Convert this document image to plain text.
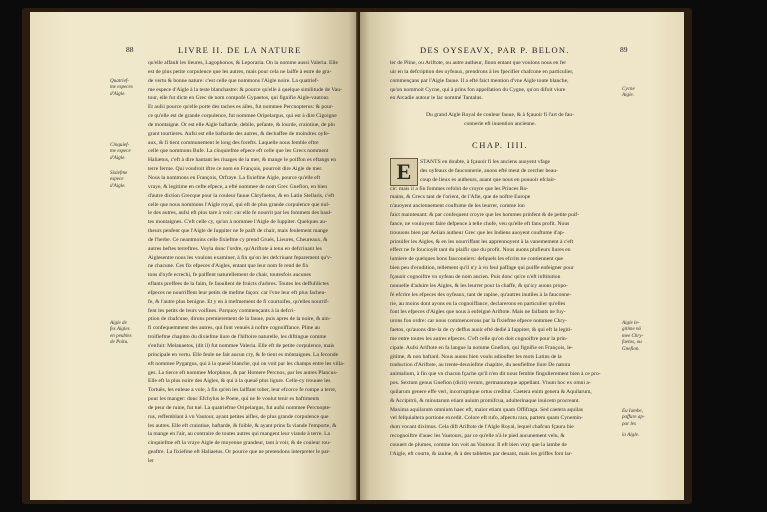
88	LIVRE II. DE LA NATURE
Quatrief-
me especes
d'Aigle.
Cinquief-
me espece
d'Aigle.
Sixiefme
espece
d'Aigle.
Aigle de
fes Aigles
en peubles
de Poitu.
qu'elle affault les lieures, Lagophonos, & Leporaria. On la nomme aussi Valeria. Elle
est de plus petite corpulence que les autres, mais pour cela ne laiffe à estre de gra-
de vertu & bonne nature: c'est celle que nommons l'Aigle noire. La quatrief-
me espece d'Aigle à la teste blanchastre: & pource qu'elle à quelque similitude de Vau-
tour, elle fut dicte en Grec de nom compofé Gypaetos, qui fignifie Aigle-vautour.
Et auſsi pource qu'elle porte des taches es aïles, fut nommee Percnopterus: & pour-
ce qu'elle est de grande corpulence, fut nommee Oripelargus, qui est à dire Cigoigne
de montaigne. Or est elle Aigle baftarde, debile, pefante, & lourde, craintiue, de plu
grant tourtieres. Aufsi est elle baftarde des autres, & dechaffee de moindres oyfe-
aux, & fi tient communement le long des forefts. Laquelle nous femble eftre
celle que nommons Bufe. La cinquiefme efpece eft celle que les Grecs nomment
Haliætus, c'eft à dire hantant les riuages de la mer, & mange le poiffon es eftangs en
terre ferme. Qui voudroit iftre ce nom en François, pourroit dire Aigle de mer.
Nous la nommons en François, Orfraye. La fixiefme Aigle, pource qu'elle eft
vraye, & legitime en cefte efpece, a efté nommee de nom Grec Gnefion, en bien
d'autre diction Grecque pour la couleur fauue Chryfaetos, & en Latin Stellaris, c'eft
celle que nous nommons l'Aigle royal, qui eft de plus grande corpulence que nul-
le des autres, aufsi eft plus tare à voir: car elle fe nourrit par les fommets des haul-
tes montaignes. C'eft celle cy, qu'on à nommee l'Aigle de Iuppiter. Quelques au-
theurs penfent que l'Aigle de Iuppiter ne fe paift de chair, mais feulement mange
de l'herbe. Ce neantmoins celle fixiefme cy prend Grués, Lieures, Cheureaux, &
autres beftes terreftres. Voyla donc l'ordre, qu'Ariftote à tenu en defcriuant les
Aiglesentre nous les voulons examiner, à fin qu'on les defcriuant feparement qu'v-
ne chacune. Ces fix efpeces d'Aigles, entant que leur nom fe rend de fix
tons d'oyfe ecrechi, fe paiffent naturellement de chair, toutesfois aucunes
eflants preffees de la faim, fe faoullent de fruicts d'arbres. Toutes les deffufdictes
efpeces ne nourriffent leur petits de mefme façon: car l'vne leur eft plus facheu-
fe, & l'autre plus benigne. Et y en à mefmement de fi courtoifes, qu'elles nourrif-
fent les petits de leurs voifines. Parquoy commençants à la defcri-
ption de chafcune, dirons premierement de la fauue, puis apres de la noire, & ain-
fi confequemment des autres, qui font venuës à noftre cognoiffance. Pline au
troifiefme chapitre du dixiefme liure de l'hiftoire naturelle, les diftingue comme
s'enfuit: Melanaetos, (dit il) fut nommee Valeria. Elle eft de petite corpulence, mais
principale en vertu. Elle feule ne fait aucun cry, & fe tient es môntaignes. La feconde
eft nommee Pygargus, qui à la queuë blanche, qui on voit par les champs entre les villa-
ges. La tierce eft nommee Morphnos, & par Homere Percnos, par les autres Plancus-
Elle eft la plus noire des Aigles, & qui à la queuë plus ligure. Celle-cy trouuee les
Tortuës, les enleue a vole, à fin qu'en les laiffant tober, leur efcorce fe rompe a terre,
pour les manger: donc Efchylus le Poete, qui ne fe voulut tenir es baftiments
de peur de ruine, fut tué. La quatriefme Oripelargus, fut aufsi nommee Percnopte-
rus, reffemblant à vn Vautour, ayant petites aifles, de plus grande corpulence que
les autres. Elle eft craintiue, baftarde, & foible, & ayant prins fa viande l'emporte, &
la mange en l'air, au contraire de toutes autres qui mangent leur viande à terre. La
cinquiefme eft la vraye Aigle de moyenne grandeur, tant à voir, & de couleur rou-
geaftre. La fixiefme eft Haliaetus. Or pource que ne pretendons interpreter le par-
ler
DES OYSEAVX, PAR P. BELON.	89
ler de Pline, ou Ariftote, ou autre autheur, finon entant que voulons nous en fer
uir en la defcription des oyfeaux, prendrons à les fpecifier chafcune en particulier,
commençans par l'Aigle fauue. Il a efté faict mention d'vne Aigle toute blanche,
qu'on nommoit Cycne, qui à prins fon appellation du Cygne, qu'on difoit viure
en Arcadie autour le lac nommé Tantalus.
Du grand Aigle Royal de couleur fauue, & à fçauoir fi l'art de fau-
connerie eft inuention ancienne.
CHAP. IIII.
E	STANTS en doubte, à fçauoir fi les anciens auoyent vfage
des oyfeaux de fauconnerie, auons efté meut de cercher beau-
coup de lieux es autheurs, auant que nous en pouuoir efclair-
cir: mais il a fin fommes refolut de croyre que les Princes Ro-
mains, & Grecs tant de l'orient, de l'Afie, que de noftre Europe
n'auoyent anciennement couftume de les leurrer, comme lon
faict maintenant: & par confequent croyre que les hommes prinfent & de petite puif-
fance, ne vouloyent faire defpence à telle chofe, veu qu'elle eft fans profit. Nous
trouuons bien par Aelian autheur Grec que les Indiens auoyent couftume d'ap-
prinuifer les Aigles, & en les nourriffant les apprennoyent à la vanemement à c'eft
effect ne fe foucioyêt tant du plaifir que du profit. Nous auons plufieurs liures en
lumiere de quelques bons fauconniers: defquels les efcrits ne contiennent que
bien peu d'erudition, tellement qu'il n'y à vn feul paffage qui puiffe enfeigner pour
fçauoir cognoiftre vn oyfeau de nom ancien. Puis donc qu'ce n'eft inftitution
nouuelle d'aduire les Aigles, & les leurrer pour la chaffe, & qu'icy auons propo-
fé efcrire les efpeces des oyfeaux, tant de rapine, qu'autres inutiles à la fauconne-
rie, au moins dont ayons eu la cognoiffance, declarerons en particulier qu'elles
font les efpeces d'Aigles que nous à enfeigné Ariftote. Mais ne faifants ne fuy-
urons fon ordre: car nous commencerons par la fixiefme efpece nommee Chry-
faetos, qu'auons dite-la de cy deffus auoir efté dedié à Iuppiter, & qui eft la legiti-
me entre toutes les autres efpeces. C'eft celle qu'on doit cognoiftre pour la prin-
cipale. Aufsi Ariftote en fa langue la nomme Gnefion, qui fignifie en François, le-
gitime, & non baftard. Nous auons bien voulu adioufter les mots Latins de la
traduction d'Ariftote, au trente-deuxiefme chapitre, du neufiefme liure De natura
animalium, à fin que vn chacun fçache qu'il n'en dit nous femble fingulierement bien à ce pro-
pos. Sextum genus Gnefion (dicit) verum, germanumque appellant. Vnum hoc ex omni a-
quilarum genere effe veri, incorruptique ortus creditur. Caetera enim genera & Aquilarum,
& Accipitrû, & minutarum etiam auium promifcua, adulterinaque inuicem procreant.
Maxima aquilarum omnium haec eft, maior etiam quam Offifraga. Sed caetera aquilas
vel fefquialtera portione excedit. Colore eft rufo, afpectu rara, partem quam Cynemin-
dum vocant diximus. Cela dift Ariftote de l'Aigle Royal, lequel chafcun fçaura bie
recognoiftre d'auec les Vautours, par ce qu'elle n'à le pied aucunement velu, &
couuert de plumes, comme lon voit au Vautour. Il eft bien vray que la iambe de
l'Aigle, eft courte, & iaulne, & à des tablettes par deuant, mais les griffes font lar-
Cycne
Aigle.
Aigle le-
gitime nõ
mee Chry-
faetos, ou
Gnefion.
Eu Iambe,
paffure ap-
par les
la Aigle.
